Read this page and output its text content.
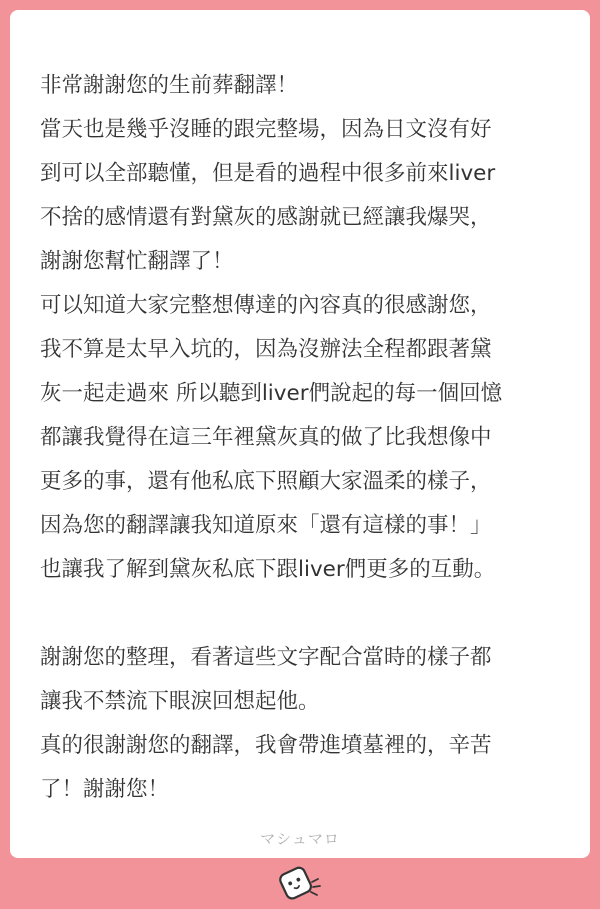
非常謝謝您的生前葬翻譯！
當天也是幾乎沒睡的跟完整場，因為日文沒有好
到可以全部聽懂，但是看的過程中很多前來liver
不捨的感情還有對黛灰的感謝就已經讓我爆哭，
謝謝您幫忙翻譯了！
可以知道大家完整想傳達的內容真的很感謝您，
我不算是太早入坑的，因為沒辦法全程都跟著黛
灰一起走過來 所以聽到liver們說起的每一個回憶
都讓我覺得在這三年裡黛灰真的做了比我想像中
更多的事，還有他私底下照顧大家溫柔的樣子，
因為您的翻譯讓我知道原來「還有這樣的事！」
也讓我了解到黛灰私底下跟liver們更多的互動。
謝謝您的整理，看著這些文字配合當時的樣子都
讓我不禁流下眼淚回想起他。
真的很謝謝您的翻譯，我會帶進墳墓裡的，辛苦
了！謝謝您！
マシュマロ
